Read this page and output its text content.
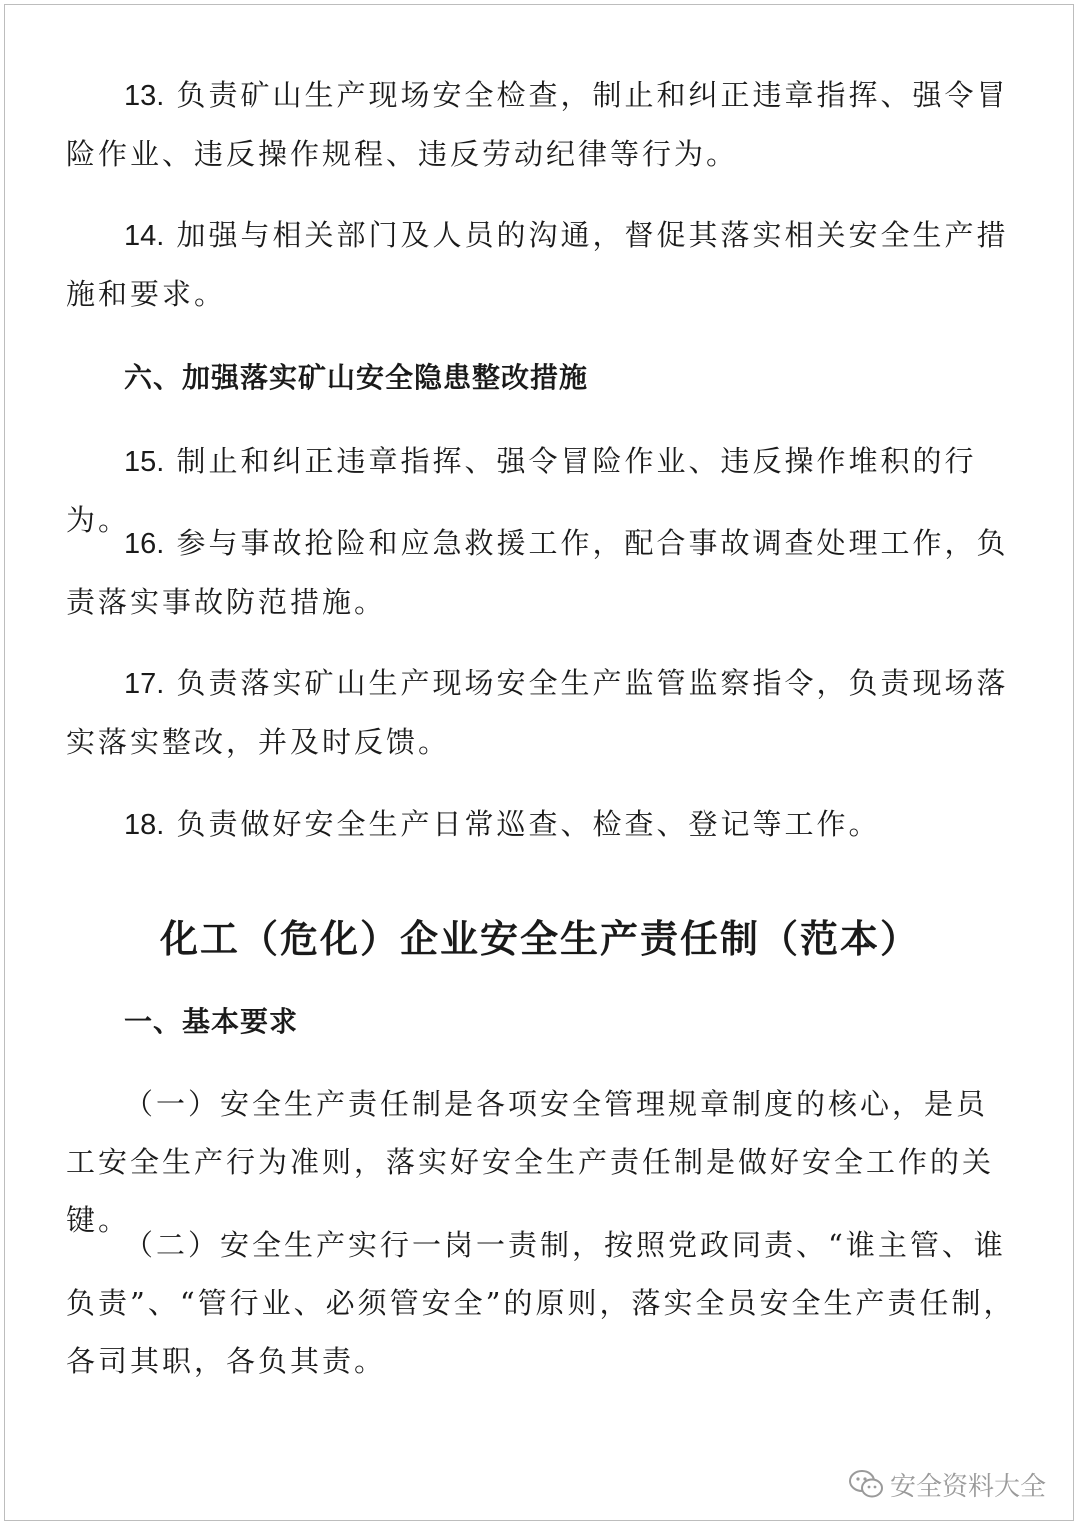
13. 负责矿山生产现场安全检查，制止和纠正违章指挥、强令冒险作业、违反操作规程、违反劳动纪律等行为。

14. 加强与相关部门及人员的沟通，督促其落实相关安全生产措施和要求。

六、加强落实矿山安全隐患整改措施

15. 制止和纠正违章指挥、强令冒险作业、违反操作堆积的行为。

16. 参与事故抢险和应急救援工作，配合事故调查处理工作，负责落实事故防范措施。

17. 负责落实矿山生产现场安全生产监管监察指令，负责现场落实落实整改，并及时反馈。

18. 负责做好安全生产日常巡查、检查、登记等工作。

化工（危化）企业安全生产责任制（范本）
一、基本要求

（一）安全生产责任制是各项安全管理规章制度的核心，是员工安全生产行为准则，落实好安全生产责任制是做好安全工作的关键。

（二）安全生产实行一岗一责制，按照党政同责、“谁主管、谁负责”、“管行业、必须管安全”的原则，落实全员安全生产责任制，各司其职，各负其责。

安全资料大全
